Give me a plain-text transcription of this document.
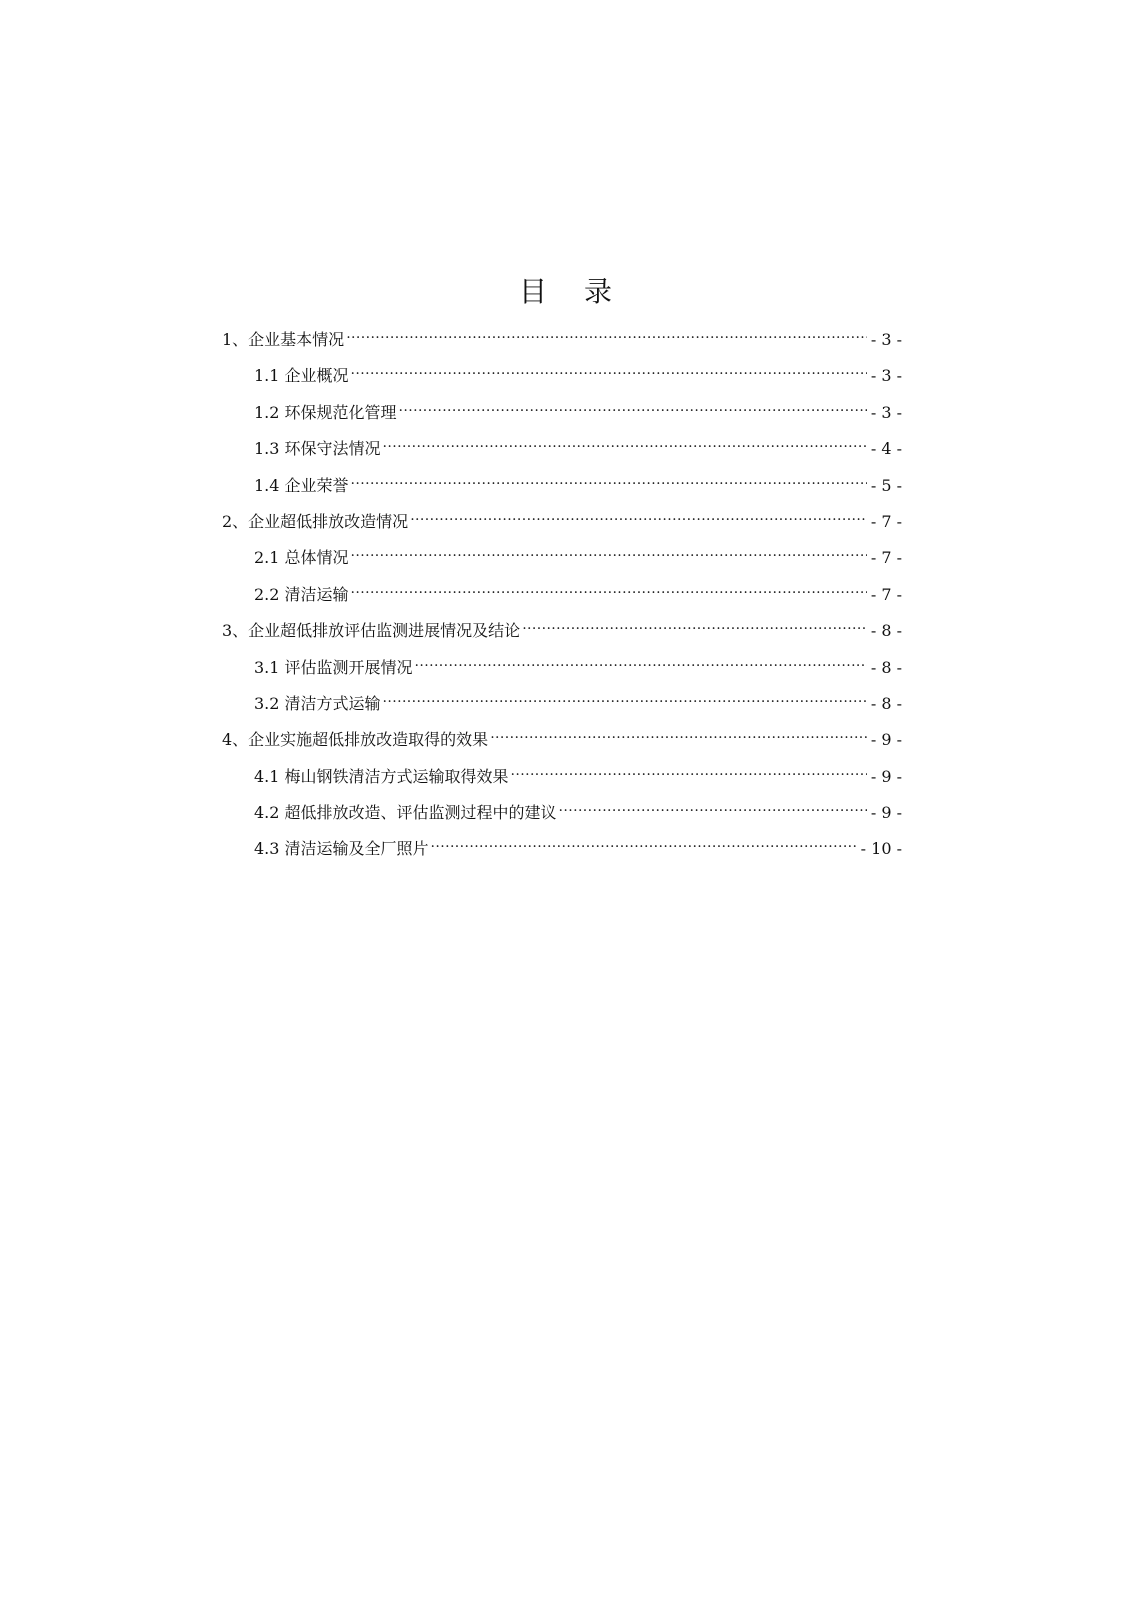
目 录
1、企业基本情况 .....	- 3 -
1.1 企业概况 .....	- 3 -
1.2 环保规范化管理 .....	- 3 -
1.3 环保守法情况 .....	- 4 -
1.4 企业荣誉 .....	- 5 -
2、企业超低排放改造情况 .....	- 7 -
2.1 总体情况 .....	- 7 -
2.2 清洁运输 .....	- 7 -
3、企业超低排放评估监测进展情况及结论 .....	- 8 -
3.1 评估监测开展情况 .....	- 8 -
3.2 清洁方式运输 .....	- 8 -
4、企业实施超低排放改造取得的效果 .....	- 9 -
4.1 梅山钢铁清洁方式运输取得效果 .....	- 9 -
4.2 超低排放改造、评估监测过程中的建议 .....	- 9 -
4.3 清洁运输及全厂照片 .....	- 10 -
